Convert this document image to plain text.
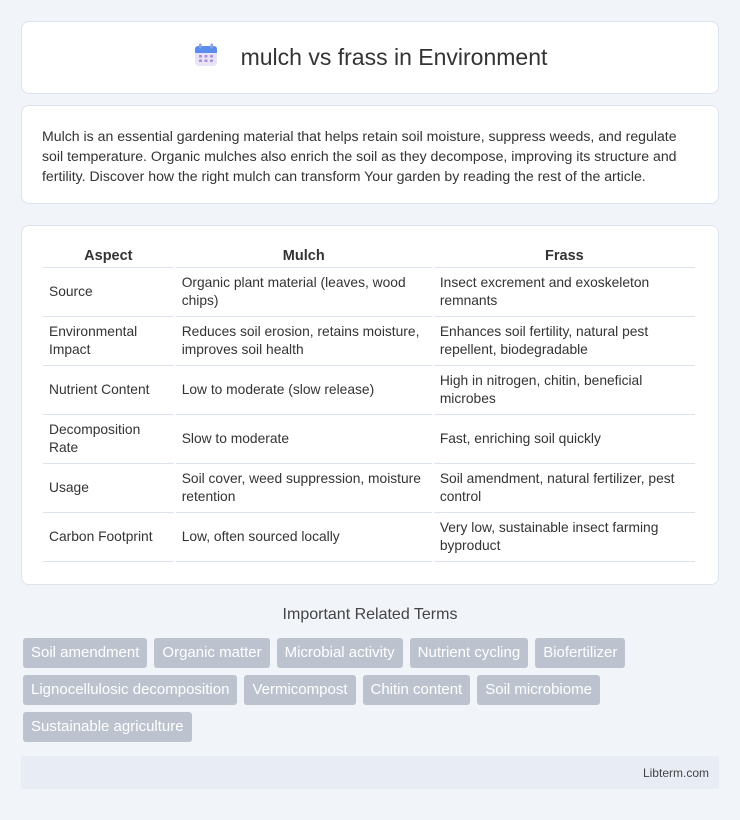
mulch vs frass in Environment

Mulch is an essential gardening material that helps retain soil moisture, suppress weeds, and regulate soil temperature. Organic mulches also enrich the soil as they decompose, improving its structure and fertility. Discover how the right mulch can transform Your garden by reading the rest of the article.

Aspect	Mulch	Frass
Source	Organic plant material (leaves, wood chips)	Insect excrement and exoskeleton remnants
Environmental Impact	Reduces soil erosion, retains moisture, improves soil health	Enhances soil fertility, natural pest repellent, biodegradable
Nutrient Content	Low to moderate (slow release)	High in nitrogen, chitin, beneficial microbes
Decomposition Rate	Slow to moderate	Fast, enriching soil quickly
Usage	Soil cover, weed suppression, moisture retention	Soil amendment, natural fertilizer, pest control
Carbon Footprint	Low, often sourced locally	Very low, sustainable insect farming byproduct
Important Related Terms
Soil amendment	Organic matter	Microbial activity	Nutrient cycling	Biofertilizer
Lignocellulosic decomposition	Vermicompost	Chitin content	Soil microbiome
Sustainable agriculture
Libterm.com
